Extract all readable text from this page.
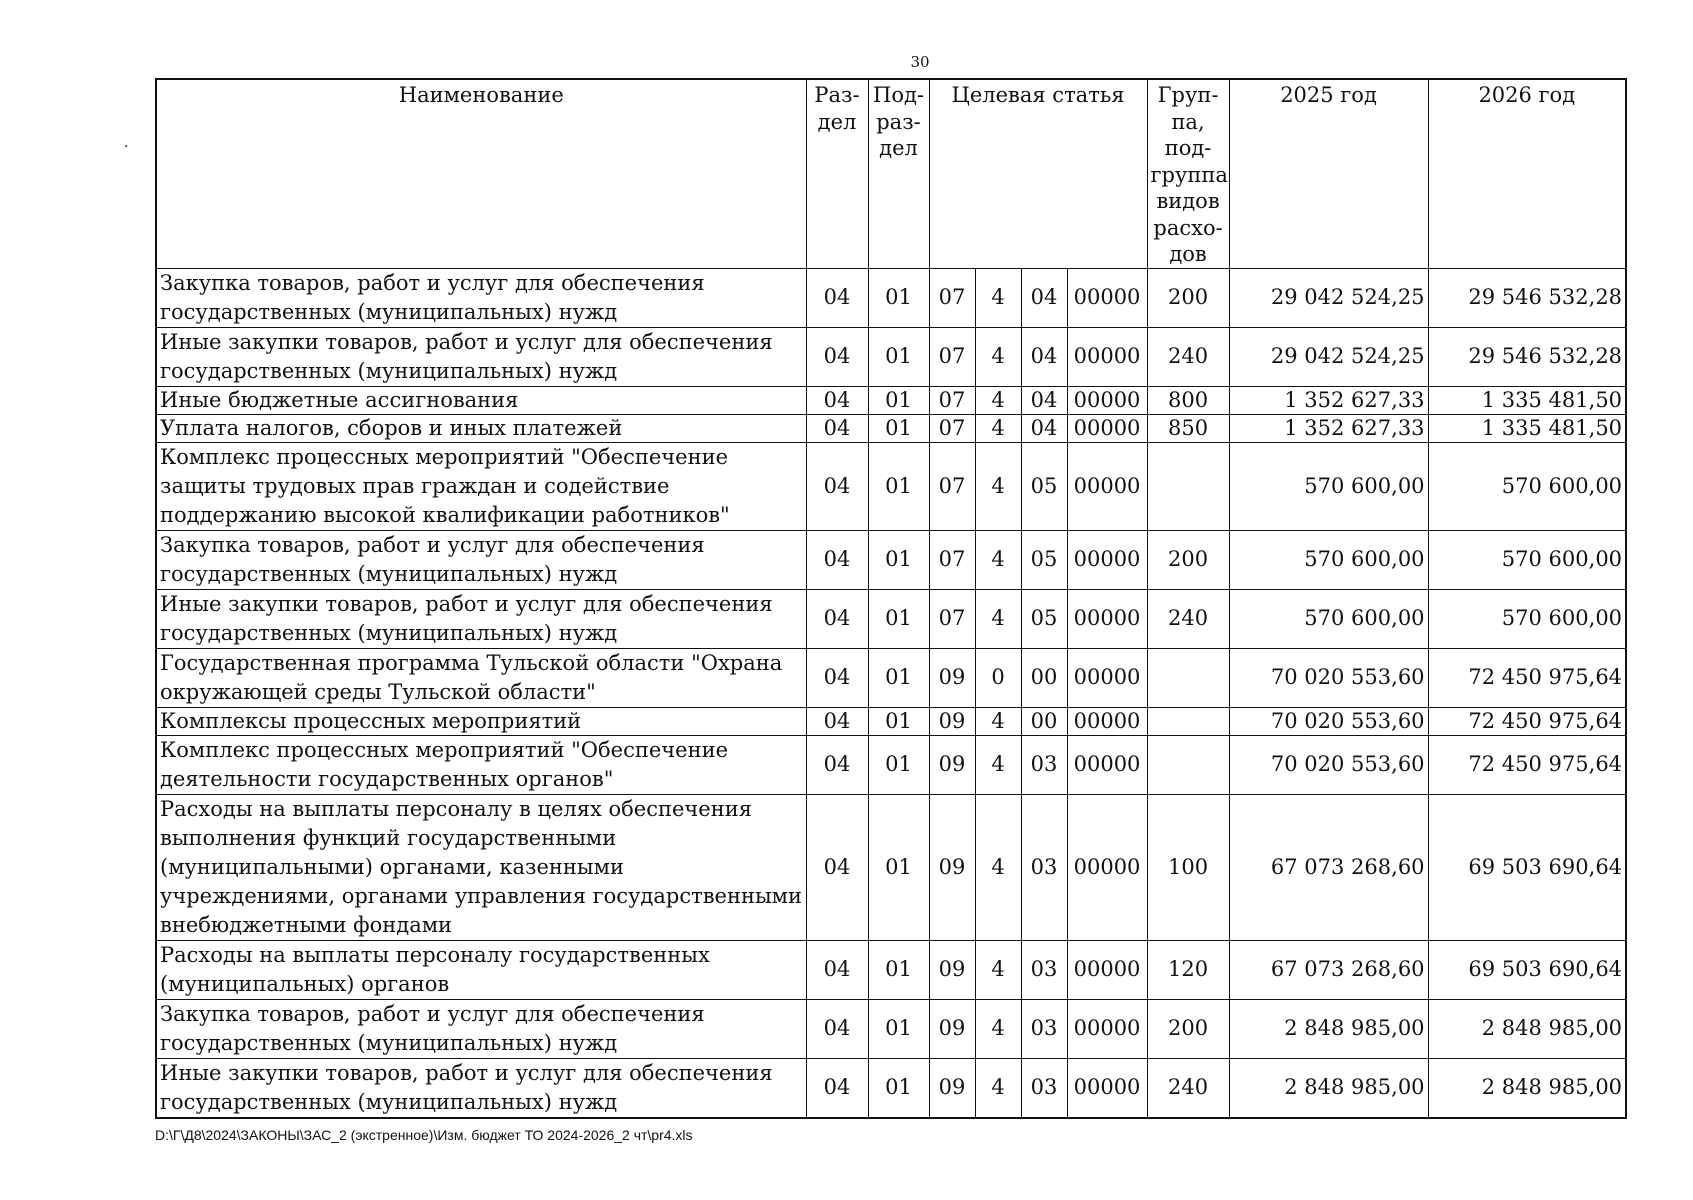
30
.
Наименование	Раз-дел	Под-раз-дел	Целевая статья				Груп-па, под-группа видов расхо-дов	2025 год	2026 год
Закупка товаров, работ и услуг для обеспечения государственных (муниципальных) нужд	04	01	07	4	04	00000	200	29 042 524,25	29 546 532,28
Иные закупки товаров, работ и услуг для обеспечения государственных (муниципальных) нужд	04	01	07	4	04	00000	240	29 042 524,25	29 546 532,28
Иные бюджетные ассигнования	04	01	07	4	04	00000	800	1 352 627,33	1 335 481,50
Уплата налогов, сборов и иных платежей	04	01	07	4	04	00000	850	1 352 627,33	1 335 481,50
Комплекс процессных мероприятий "Обеспечение защиты трудовых прав граждан и содействие поддержанию высокой квалификации работников"	04	01	07	4	05	00000		570 600,00	570 600,00
Закупка товаров, работ и услуг для обеспечения государственных (муниципальных) нужд	04	01	07	4	05	00000	200	570 600,00	570 600,00
Иные закупки товаров, работ и услуг для обеспечения государственных (муниципальных) нужд	04	01	07	4	05	00000	240	570 600,00	570 600,00
Государственная программа Тульской области "Охрана окружающей среды Тульской области"	04	01	09	0	00	00000		70 020 553,60	72 450 975,64
Комплексы процессных мероприятий	04	01	09	4	00	00000		70 020 553,60	72 450 975,64
Комплекс процессных мероприятий "Обеспечение деятельности государственных органов"	04	01	09	4	03	00000		70 020 553,60	72 450 975,64
Расходы на выплаты персоналу в целях обеспечения выполнения функций государственными (муниципальными) органами, казенными учреждениями, органами управления государственными внебюджетными фондами	04	01	09	4	03	00000	100	67 073 268,60	69 503 690,64
Расходы на выплаты персоналу государственных (муниципальных) органов	04	01	09	4	03	00000	120	67 073 268,60	69 503 690,64
Закупка товаров, работ и услуг для обеспечения государственных (муниципальных) нужд	04	01	09	4	03	00000	200	2 848 985,00	2 848 985,00
Иные закупки товаров, работ и услуг для обеспечения государственных (муниципальных) нужд	04	01	09	4	03	00000	240	2 848 985,00	2 848 985,00
D:\Г\Д8\2024\ЗАКОНЫ\ЗАС_2 (экстренное)\Изм. бюджет ТО 2024-2026_2 чт\pr4.xls
